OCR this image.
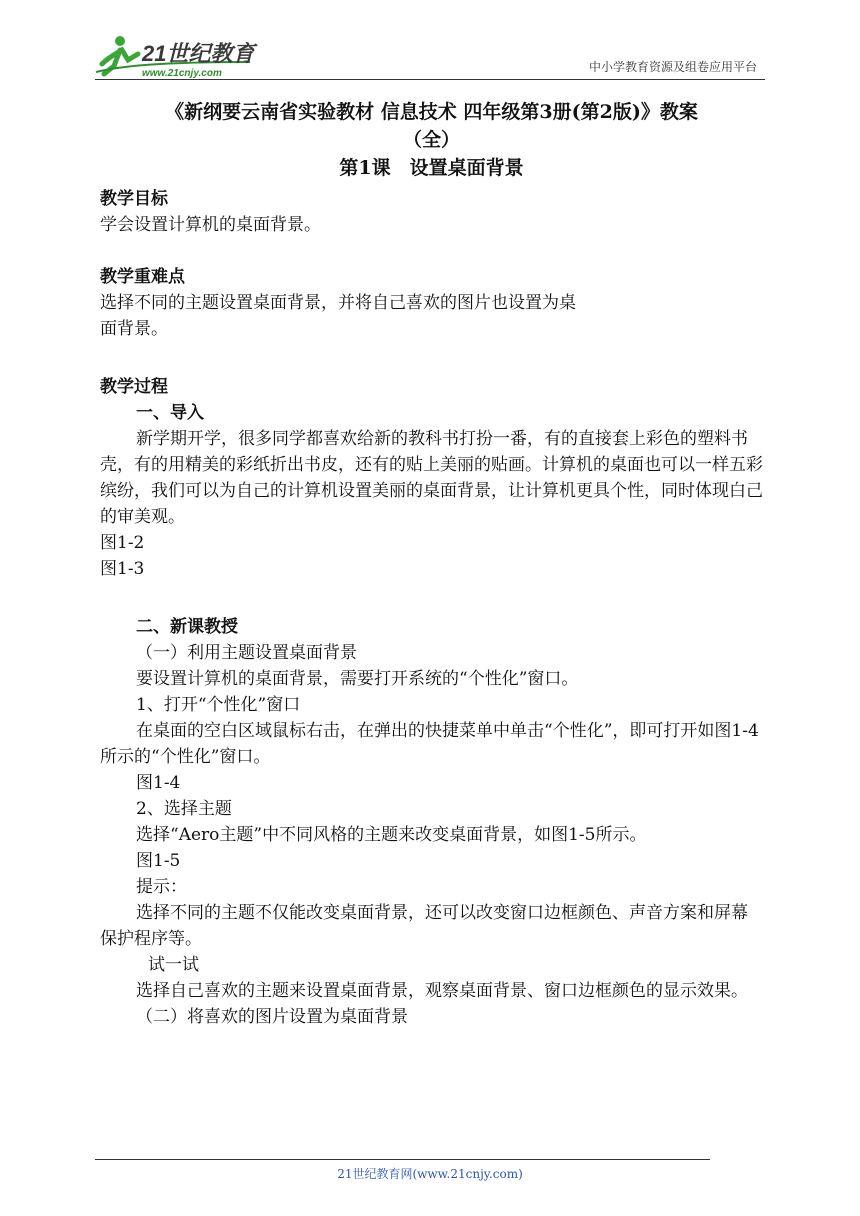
21世纪教育
www.21cnjy.com	中小学教育资源及组卷应用平台

《新纲要云南省实验教材 信息技术 四年级第3册(第2版)》教案

（全）

第1课　设置桌面背景

教学目标

学会设置计算机的桌面背景。

教学重难点

选择不同的主题设置桌面背景，并将自己喜欢的图片也设置为桌

面背景。

教学过程

一、导入

新学期开学，很多同学都喜欢给新的教科书打扮一番，有的直接套上彩色的塑料书壳，有的用精美的彩纸折出书皮，还有的贴上美丽的贴画。计算机的桌面也可以一样五彩缤纷，我们可以为自己的计算机设置美丽的桌面背景，让计算机更具个性，同时体现白己的审美观。

图1-2

图1-3

二、新课教授

（一）利用主题设置桌面背景

要设置计算机的桌面背景，需要打开系统的“个性化”窗口。

1、打开“个性化”窗口

在桌面的空白区域鼠标右击，在弹出的快捷菜单中单击“个性化”，即可打开如图1-4所示的“个性化”窗口。

图1-4

2、选择主题

选择“Aero主题”中不同风格的主题来改变桌面背景，如图1-5所示。

图1-5

提示：

选择不同的主题不仅能改变桌面背景，还可以改变窗口边框颜色、声音方案和屏幕保护程序等。

试一试

选择自己喜欢的主题来设置桌面背景，观察桌面背景、窗口边框颜色的显示效果。

（二）将喜欢的图片设置为桌面背景

21世纪教育网(www.21cnjy.com)
